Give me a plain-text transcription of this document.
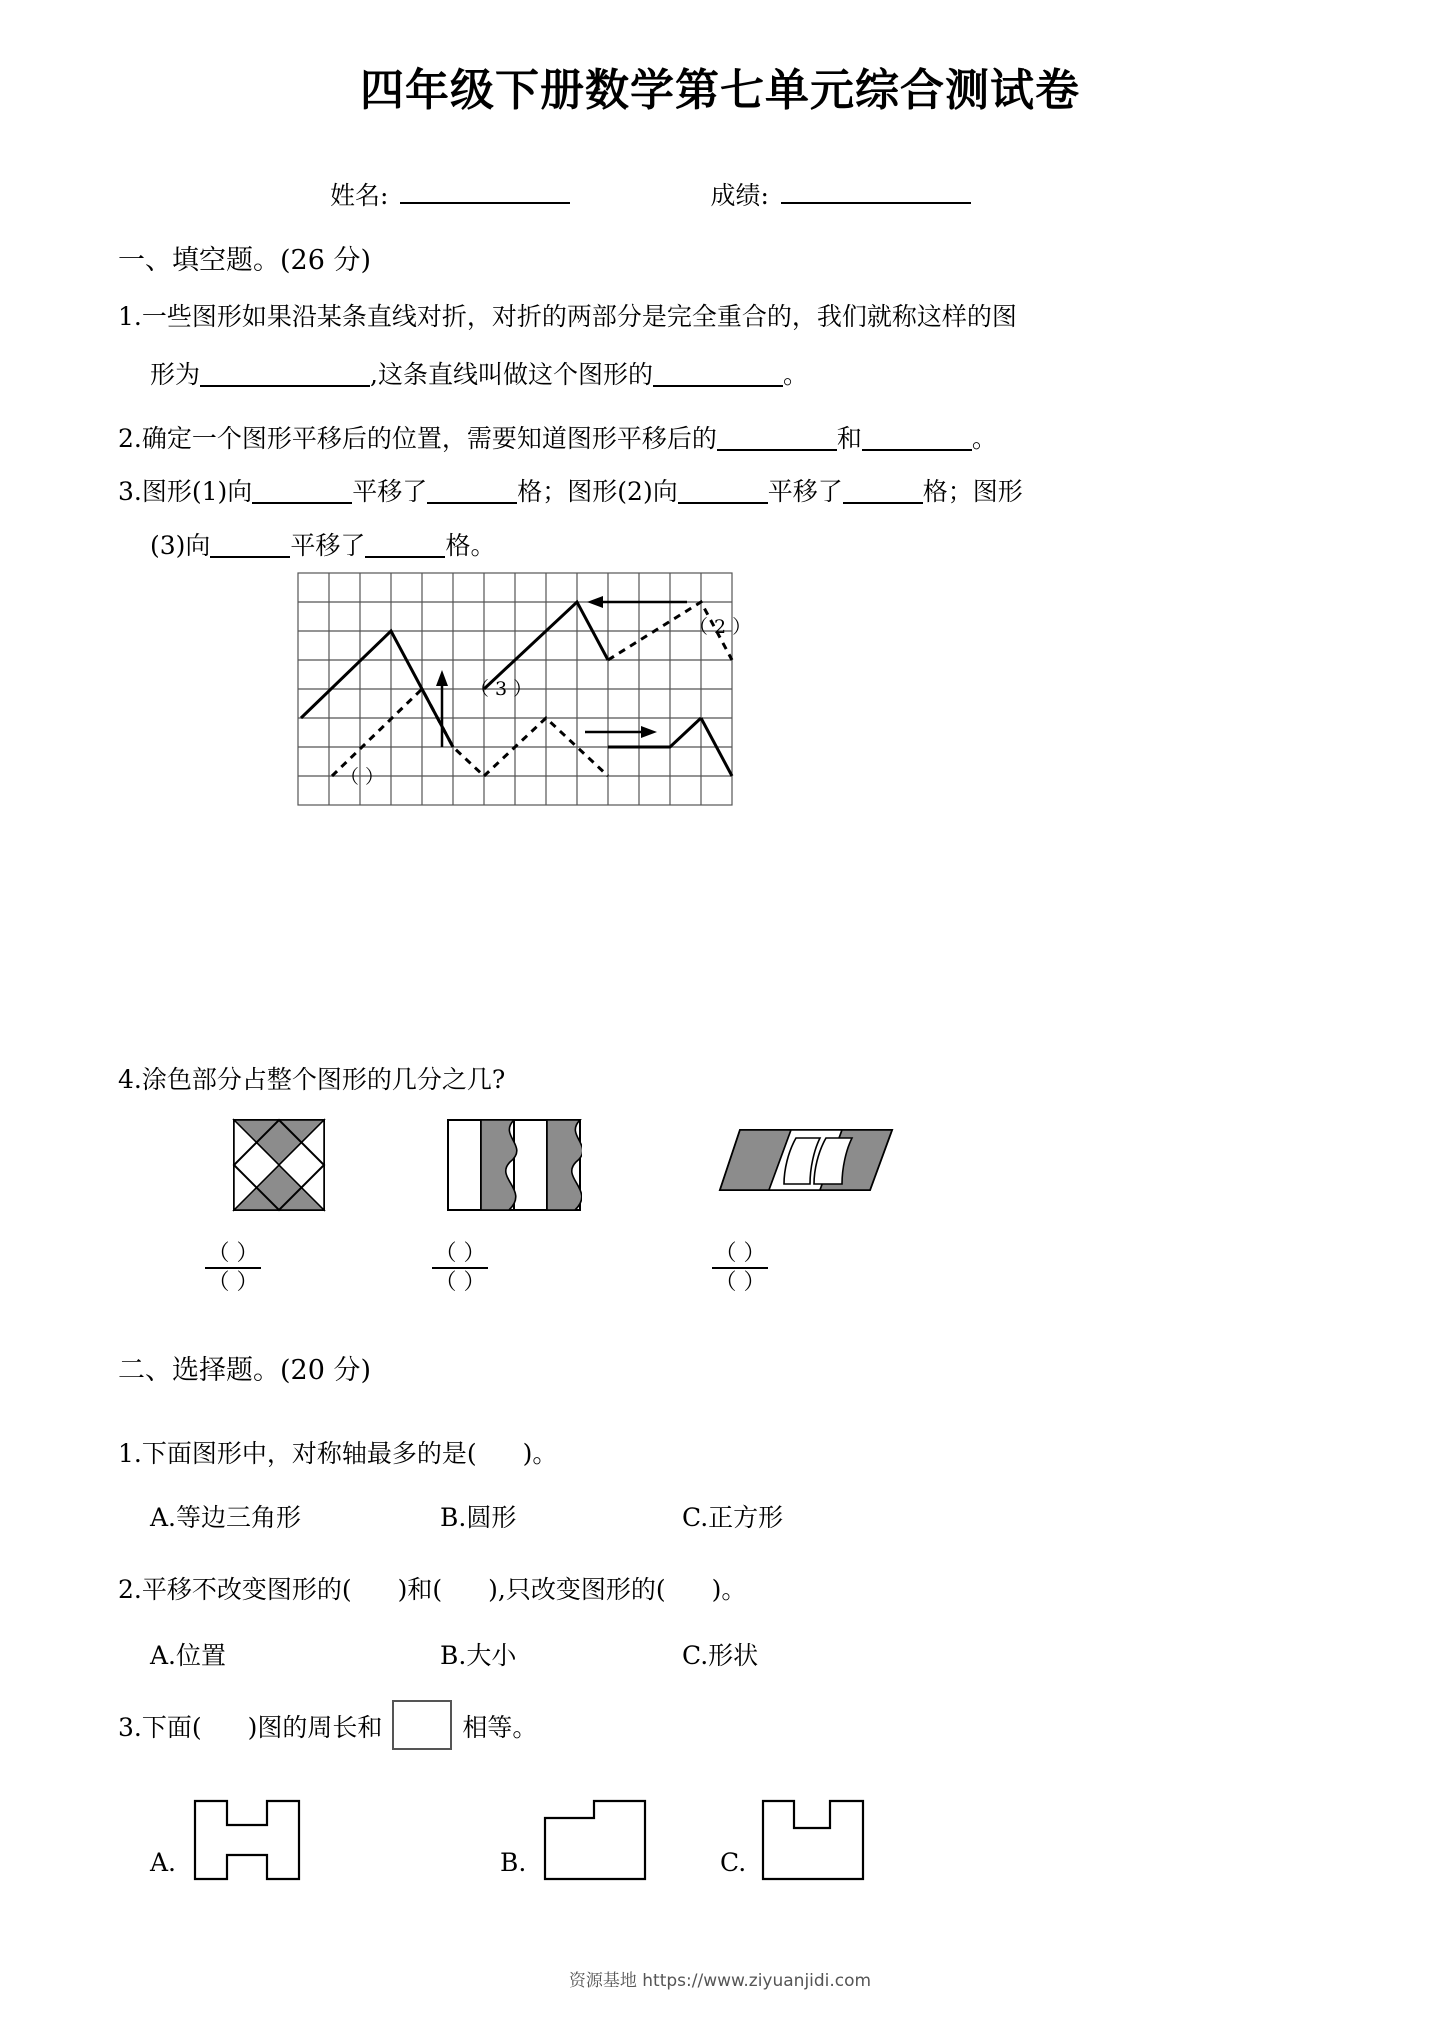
四年级下册数学第七单元综合测试卷
姓名:	成绩:
一、填空题。(26 分)
1.一些图形如果沿某条直线对折，对折的两部分是完全重合的，我们就称这样的图
形为	,这条直线叫做这个图形的	。
2.确定一个图形平移后的位置，需要知道图形平移后的	和	。
3.图形(1)向	平移了	格；图形(2)向	平移了	格；图形
(3)向	平移了	格。
（ ）
（ 2 ）
（ 3 ）
4.涂色部分占整个图形的几分之几?
（ ）
（ ）
（ ）
（ ）
（ ）
（ ）
二、选择题。(20 分)
1.下面图形中，对称轴最多的是( )。
A.等边三角形	B.圆形	C.正方形
2.平移不改变图形的( )和( ),只改变图形的( )。
A.位置	B.大小	C.形状
3.下面( )图的周长和	相等。
A.	B.	C.
资源基地 https://www.ziyuanjidi.com
